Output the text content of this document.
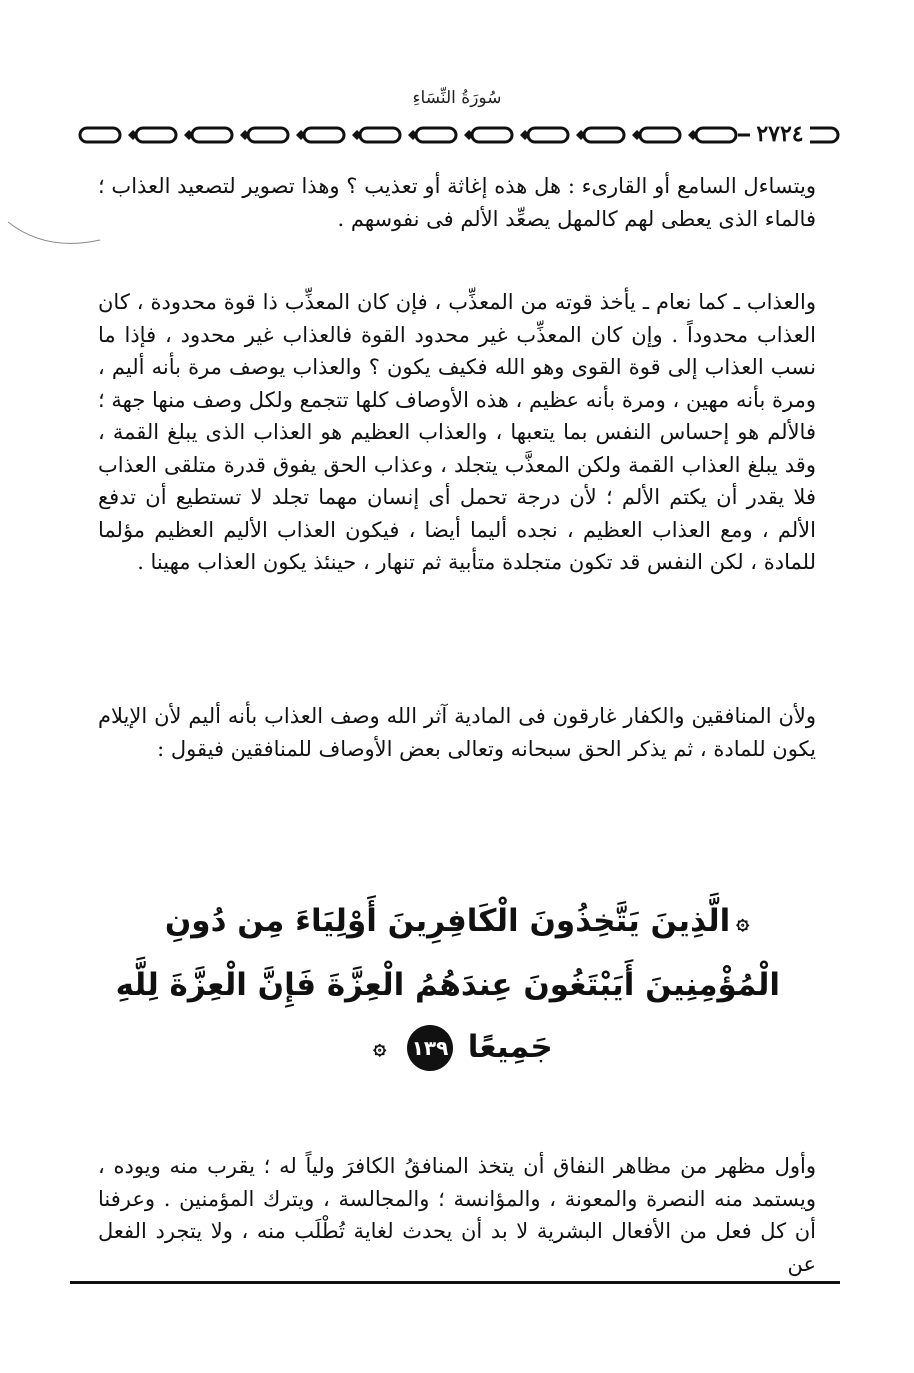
سُورَةُ النِّسَاءِ
٢٧٢٤

ويتساءل السامع أو القارىء : هل هذه إغاثة أو تعذيب ؟ وهذا تصوير لتصعيد العذاب ؛ فالماء الذى يعطى لهم كالمهل يصعِّد الألم فى نفوسهم .

والعذاب ـ كما نعام ـ يأخذ قوته من المعذِّب ، فإن كان المعذِّب ذا قوة محدودة ، كان العذاب محدوداً . وإن كان المعذِّب غير محدود القوة فالعذاب غير محدود ، فإذا ما نسب العذاب إلى قوة القوى وهو الله فكيف يكون ؟ والعذاب يوصف مرة بأنه أليم ، ومرة بأنه مهين ، ومرة بأنه عظيم ، هذه الأوصاف كلها تتجمع ولكل وصف منها جهة ؛ فالألم هو إحساس النفس بما يتعبها ، والعذاب العظيم هو العذاب الذى يبلغ القمة ، وقد يبلغ العذاب القمة ولكن المعذَّب يتجلد ، وعذاب الحق يفوق قدرة متلقى العذاب فلا يقدر أن يكتم الألم ؛ لأن درجة تحمل أى إنسان مهما تجلد لا تستطيع أن تدفع الألم ، ومع العذاب العظيم ، نجده أليما أيضا ، فيكون العذاب الأليم العظيم مؤلما للمادة ، لكن النفس قد تكون متجلدة متأبية ثم تنهار ، حينئذ يكون العذاب مهينا .

ولأن المنافقين والكفار غارقون فى المادية آثر الله وصف العذاب بأنه أليم لأن الإيلام يكون للمادة ، ثم يذكر الحق سبحانه وتعالى بعض الأوصاف للمنافقين فيقول :

۞الَّذِينَ يَتَّخِذُونَ الْكَافِرِينَ أَوْلِيَاءَ مِن دُونِ
الْمُؤْمِنِينَ أَيَبْتَغُونَ عِندَهُمُ الْعِزَّةَ فَإِنَّ الْعِزَّةَ لِلَّهِ
جَمِيعًا ١٣٩ ۞

وأول مظهر من مظاهر النفاق أن يتخذ المنافقُ الكافرَ ولياً له ؛ يقرب منه ويوده ، ويستمد منه النصرة والمعونة ، والمؤانسة ؛ والمجالسة ، ويترك المؤمنين . وعرفنا أن كل فعل من الأفعال البشرية لا بد أن يحدث لغاية تُطْلَب منه ، ولا يتجرد الفعل عن
